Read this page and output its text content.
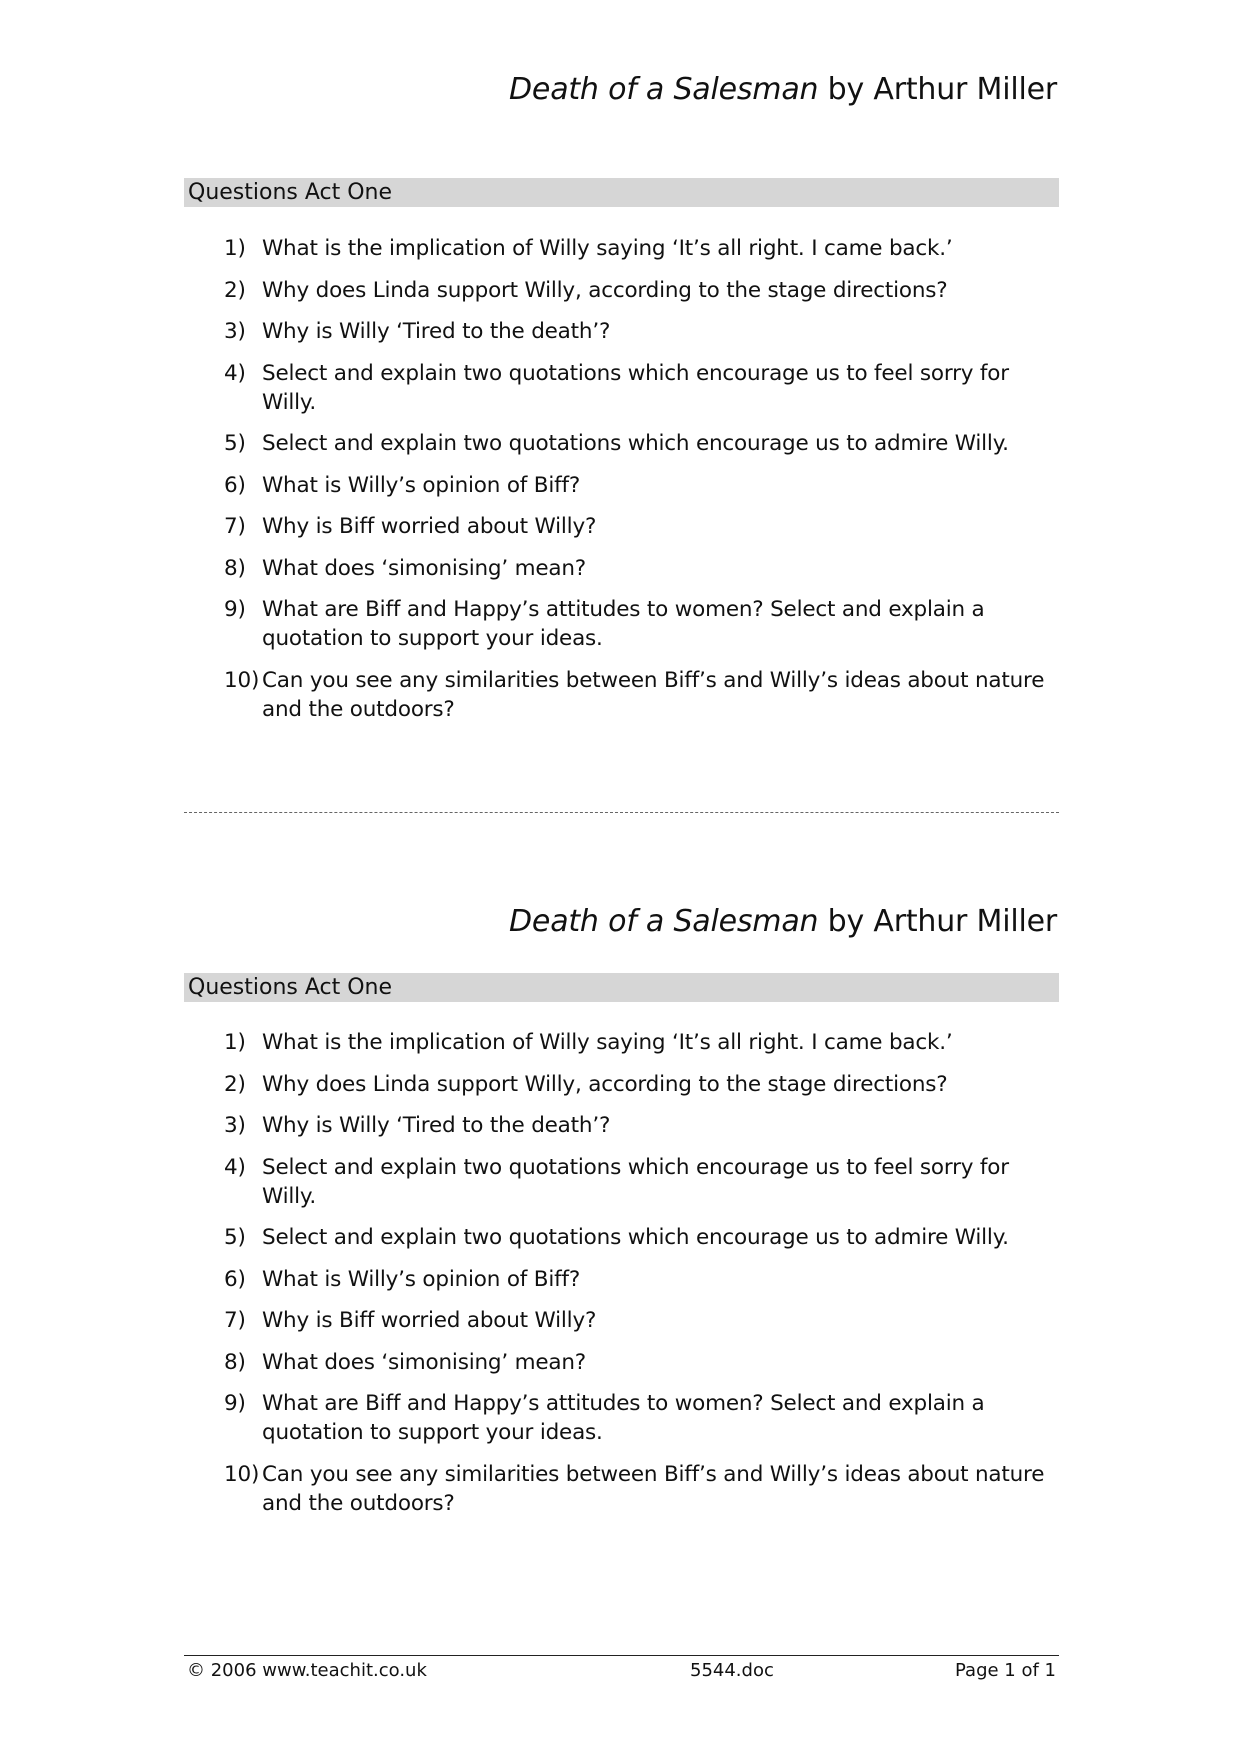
Death of a Salesman by Arthur Miller
Questions Act One
1) What is the implication of Willy saying ‘It’s all right. I came back.’
2) Why does Linda support Willy, according to the stage directions?
3) Why is Willy ‘Tired to the death’?
4) Select and explain two quotations which encourage us to feel sorry for Willy.
5) Select and explain two quotations which encourage us to admire Willy.
6) What is Willy’s opinion of Biff?
7) Why is Biff worried about Willy?
8) What does ‘simonising’ mean?
9) What are Biff and Happy’s attitudes to women? Select and explain a quotation to support your ideas.
10) Can you see any similarities between Biff’s and Willy’s ideas about nature and the outdoors?
Death of a Salesman by Arthur Miller
Questions Act One
1) What is the implication of Willy saying ‘It’s all right. I came back.’
2) Why does Linda support Willy, according to the stage directions?
3) Why is Willy ‘Tired to the death’?
4) Select and explain two quotations which encourage us to feel sorry for Willy.
5) Select and explain two quotations which encourage us to admire Willy.
6) What is Willy’s opinion of Biff?
7) Why is Biff worried about Willy?
8) What does ‘simonising’ mean?
9) What are Biff and Happy’s attitudes to women? Select and explain a quotation to support your ideas.
10) Can you see any similarities between Biff’s and Willy’s ideas about nature and the outdoors?
© 2006 www.teachit.co.uk	5544.doc	Page 1 of 1
